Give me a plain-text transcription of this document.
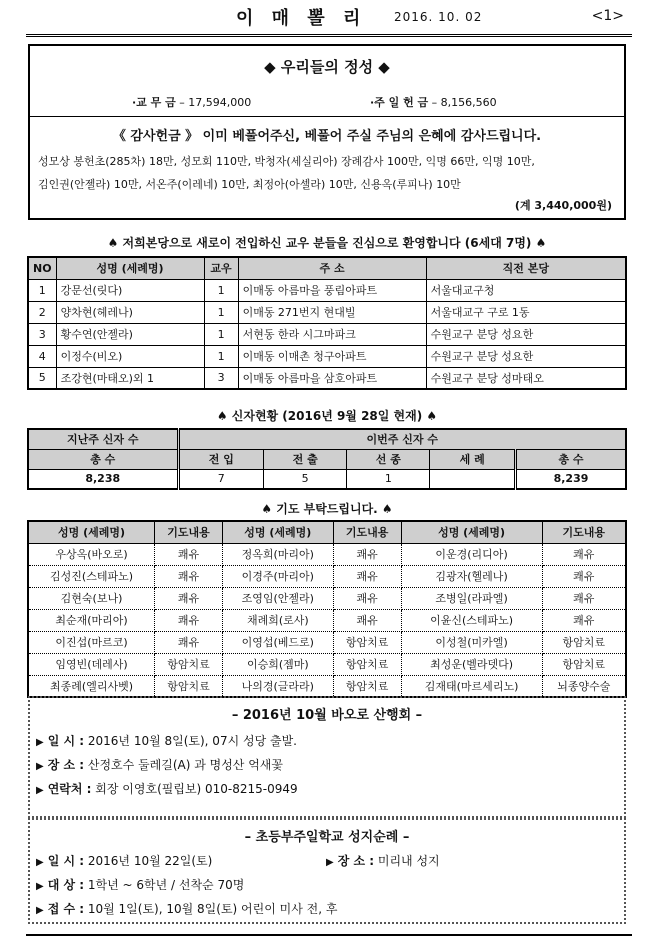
이 매 뽈 리 2016. 10. 02	<1>
◆ 우리들의 정성 ◆
·교 무 금 – 17,594,000	·주 일 헌 금 – 8,156,560
《 감사헌금 》 이미 베풀어주신, 베풀어 주실 주님의 은혜에 감사드립니다.
성모상 봉헌초(285차) 18만, 성모회 110만, 박청자(세실리아) 장례감사 100만, 익명 66만, 익명 10만,
김인권(안젤라) 10만, 서온주(이레네) 10만, 최정아(아셀라) 10만, 신용옥(루피나) 10만
(계 3,440,000원)
♠ 저희본당으로 새로이 전입하신 교우 분들을 진심으로 환영합니다 (6세대 7명) ♠
NO	성명 (세례명)	교우	주 소	직전 본당
1	강문선(릿다)	1	이매동 아름마을 풍림아파트	서울대교구청
2	양차현(헤레나)	1	이매동 271번지 현대빌	서울대교구 구로 1동
3	황수연(안젤라)	1	서현동 한라 시그마파크	수원교구 분당 성요한
4	이정수(비오)	1	이매동 이매촌 청구아파트	수원교구 분당 성요한
5	조강현(마태오)외 1	3	이매동 아름마을 삼호아파트	수원교구 분당 성마태오
♠ 신자현황 (2016년 9월 28일 현재) ♠
지난주 신자 수	이번주 신자 수				
총 수	전 입	전 출	선 종	세 례	총 수
8,238	7	5	1		8,239
♠ 기도 부탁드립니다. ♠
성명 (세례명)	기도내용	성명 (세례명)	기도내용	성명 (세례명)	기도내용
우상옥(바오로)	쾌유	정옥희(마리아)	쾌유	이운경(리디아)	쾌유
김성진(스테파노)	쾌유	이경주(마리아)	쾌유	김광자(헬레나)	쾌유
김현숙(보나)	쾌유	조영임(안젤라)	쾌유	조병일(라파엘)	쾌유
최순재(마리아)	쾌유	채례희(로사)	쾌유	이윤신(스테파노)	쾌유
이진섭(마르코)	쾌유	이영섭(베드로)	항암치료	이성철(미카엘)	항암치료
임영빈(데레사)	항암치료	이승희(젬마)	항암치료	최성운(벨라뎃다)	항암치료
최종례(엘리사벳)	항암치료	나의경(글라라)	항암치료	김재태(마르세리노)	뇌종양수술
– 2016년 10월 바오로 산행회 –
▶ 일 시 : 2016년 10월 8일(토), 07시 성당 출발.
▶ 장 소 : 산정호수 둘레길(A) 과 명성산 억새꽃
▶ 연락처 : 회장 이영호(필립보) 010-8215-0949
– 초등부주일학교 성지순례 –
▶ 일 시 : 2016년 10월 22일(토)	▶ 장 소 : 미리내 성지
▶ 대 상 : 1학년 ~ 6학년 / 선착순 70명
▶ 접 수 : 10월 1일(토), 10월 8일(토) 어린이 미사 전, 후
